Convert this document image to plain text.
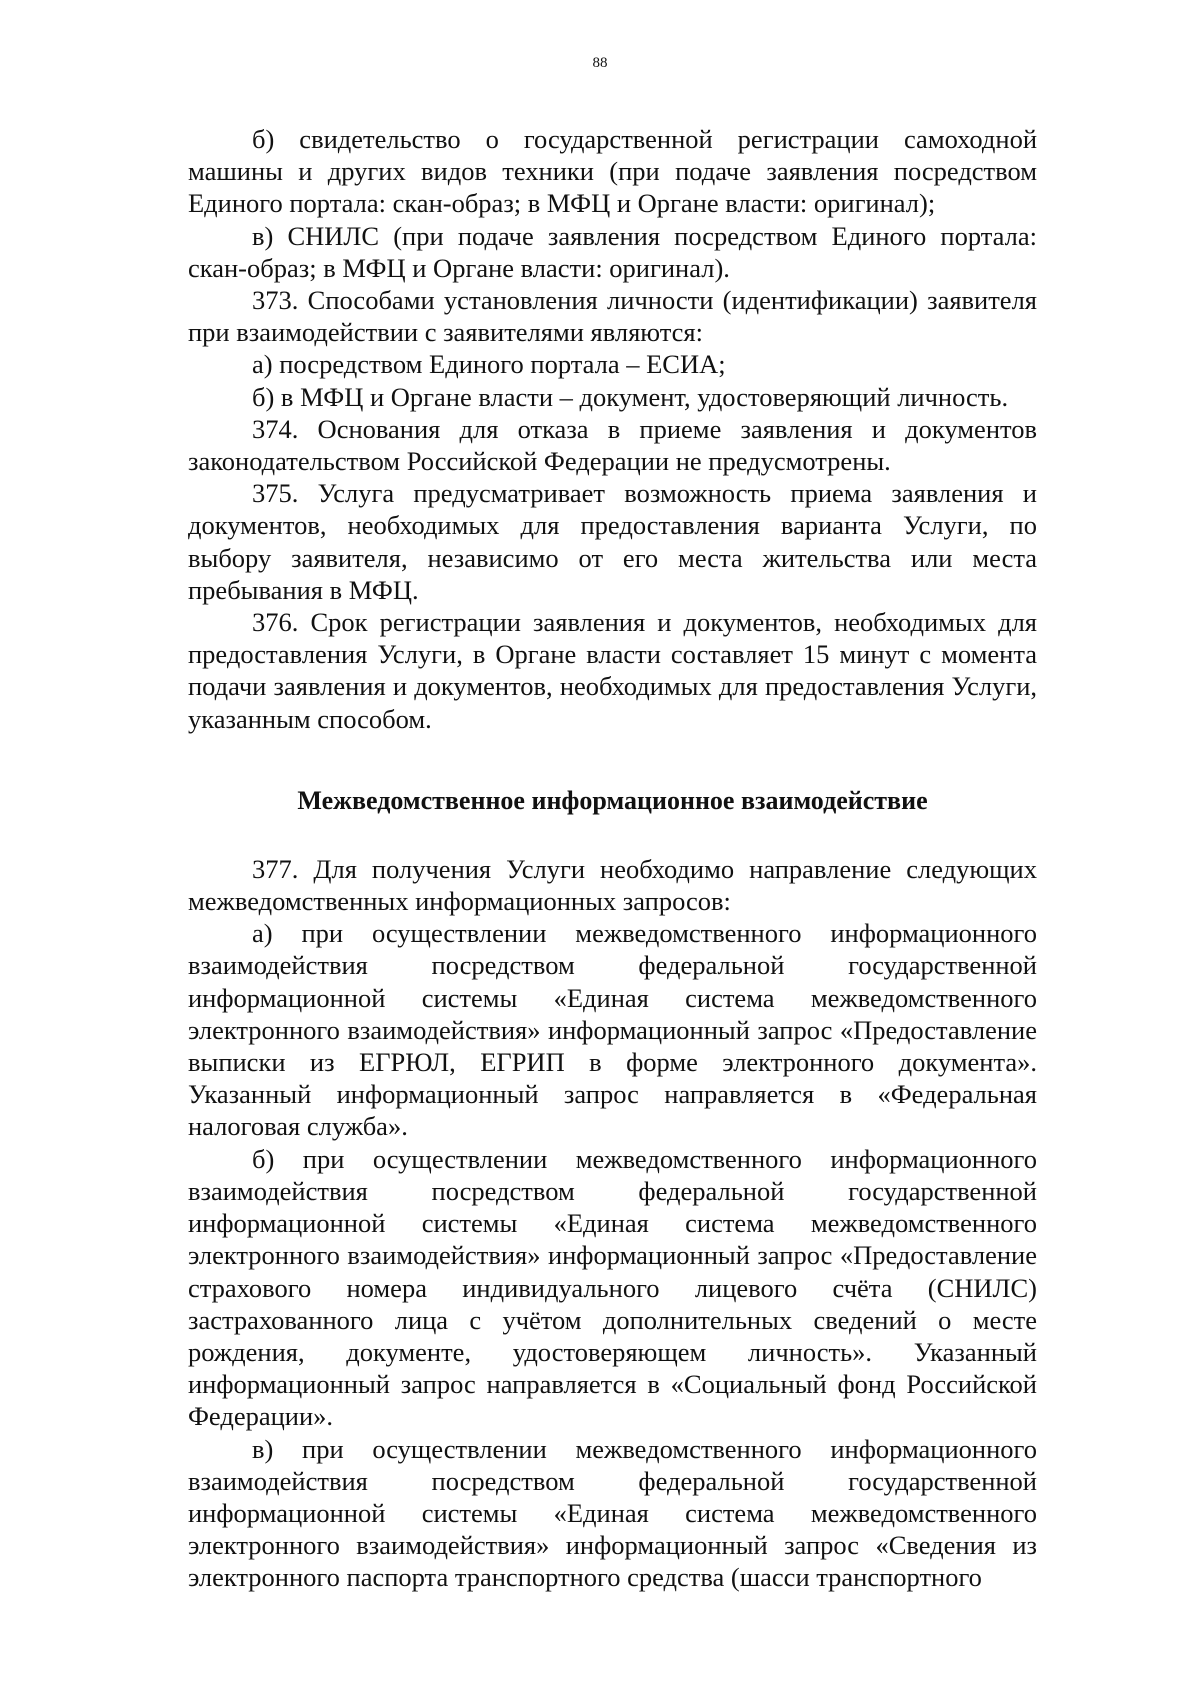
88

б) свидетельство о государственной регистрации самоходной машины и других видов техники (при подаче заявления посредством Единого портала: скан-образ; в МФЦ и Органе власти: оригинал);

в) СНИЛС (при подаче заявления посредством Единого портала: скан-образ; в МФЦ и Органе власти: оригинал).

373. Способами установления личности (идентификации) заявителя при взаимодействии с заявителями являются:

а) посредством Единого портала – ЕСИА;

б) в МФЦ и Органе власти – документ, удостоверяющий личность.

374. Основания для отказа в приеме заявления и документов законодательством Российской Федерации не предусмотрены.

375. Услуга предусматривает возможность приема заявления и документов, необходимых для предоставления варианта Услуги, по выбору заявителя, независимо от его места жительства или места пребывания в МФЦ.

376. Срок регистрации заявления и документов, необходимых для предоставления Услуги, в Органе власти составляет 15 минут с момента подачи заявления и документов, необходимых для предоставления Услуги, указанным способом.

Межведомственное информационное взаимодействие

377. Для получения Услуги необходимо направление следующих межведомственных информационных запросов:

а) при осуществлении межведомственного информационного взаимодействия посредством федеральной государственной информационной системы «Единая система межведомственного электронного взаимодействия» информационный запрос «Предоставление выписки из ЕГРЮЛ, ЕГРИП в форме электронного документа». Указанный информационный запрос направляется в «Федеральная налоговая служба».

б) при осуществлении межведомственного информационного взаимодействия посредством федеральной государственной информационной системы «Единая система межведомственного электронного взаимодействия» информационный запрос «Предоставление страхового номера индивидуального лицевого счёта (СНИЛС) застрахованного лица с учётом дополнительных сведений о месте рождения, документе, удостоверяющем личность». Указанный информационный запрос направляется в «Социальный фонд Российской Федерации».

в) при осуществлении межведомственного информационного взаимодействия посредством федеральной государственной информационной системы «Единая система межведомственного электронного взаимодействия» информационный запрос «Сведения из электронного паспорта транспортного средства (шасси транспортного
